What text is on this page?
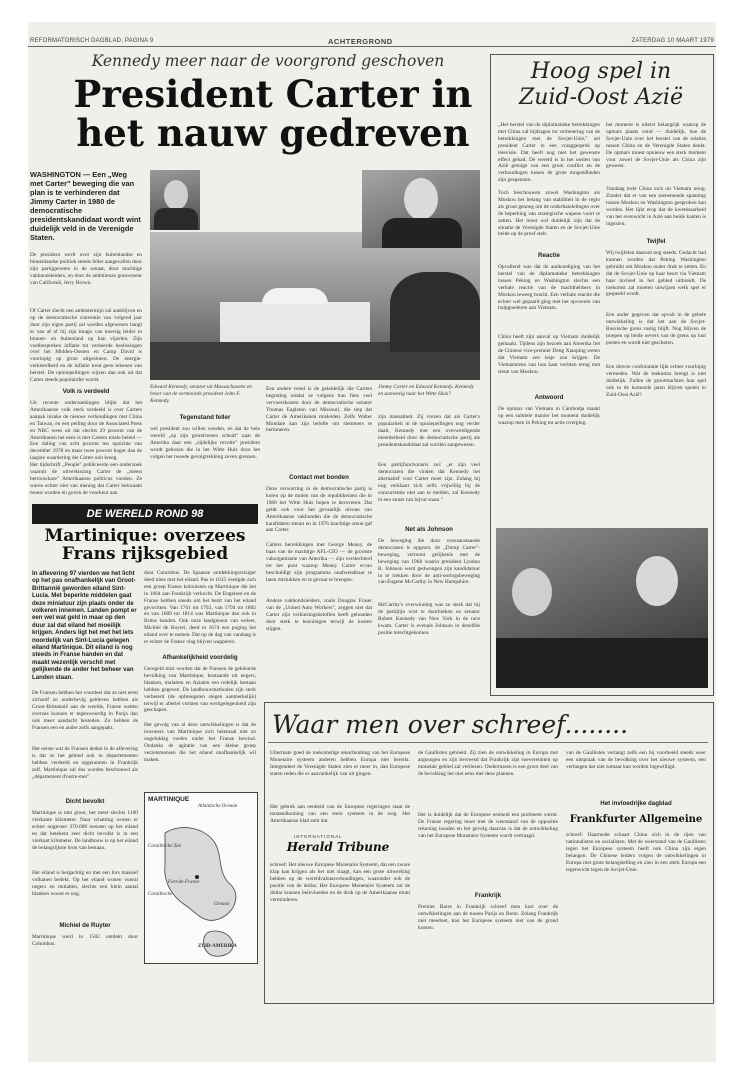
REFORMATORISCH DAGBLAD, PAGINA 9	ACHTERGROND	ZATERDAG 10 MAART 1979
Kennedy meer naar de voorgrond geschoven
President Carter in
het nauw gedreven
WASHINGTON — Een „Weg met Carter" beweging die van plan is te verhinderen dat Jimmy Carter in 1980 de democratische presidentskandidaat wordt wint duidelijk veld in de Verenigde Staten.
De president werft over zijn buitenlandse en binnenlandse politiek steeds feller aangevallen door zijn partijgenoten in de senaat, door machtige vakbondsleiders, en door de ambitieuze gouverneur van Californië, Jerry Brown.
Of Carter slecht een ambtstermijn zal aanblijven en op de democratische conventie van volgend jaar door zijn eigen partij zal worden afgewezen hangt er van af of hij zijn imago van koersig leider in binnen- en buitenland op kan vijzelen. Zijn voelbespreken inflatie tot verkeerde beslissingen over het Midden-Oosten en Camp David is voorlopig op grote uitgesloten. De energie-verkeerdheid en de inflatie treat geen tekenen van herstel. De opiniepeilingen wijzen dan ook uit dat Carter steeds populairder wordt.
Volk is verdeeld
Uit recente onderzoekingen blijkt dat het Amerikaanse volk sterk verdeeld is over Carters aanpak inzake de nieuwe verhoudingen met China en Taiwan, en een peiling door de Associated Press en NBC wees uit dat slechts 29 procent van de Amerikanen het eens is met Carters totale beleid — Een daling van acht procent ten opzichte van december 1978 en maar twee procent hoger dan de laagste waardering die Carter ooit kreeg.
Het tijdschrift „People" publiceerde een onderzoek waaruit de uitverkiezing Carter de „meest betrouwbare" Amerikaanse politicus vonden. Ze waren echter niet van mening dat Carter bekwaam moest worden en goven de voorkeur aan
Edward Kennedy, senator uit Massachusetts en broer van de vermoorde president John F. Kennedy.
Jimmy Carter en Edward Kennedy. Kennedy en aanwezig naar het Witte Huis?
Tegenstand feller
wel president zou willen worden, en dat de hele wereld „op zijn grondvesten schudt" naar de Amerika daar een „zijdelijke revolte" president wordt gekozen die in het Witte Huis door het volgen het tweede gevolgtrekking zeven grenzen.
Een andere trend is de geleidelijk die Carters begroting omdat ze volgens hun fiets veel vervoerskosten door de democratische senator Thomas Eagleton van Missouri, die riep dat Carter de Amerikanen misleiden. Zelfs Walter Mondale kan zijn belofte om stemmers te herinneren.
Contact met bonden
Deze verwarring in de democratische partij is koren op de molen van de republikeinen die in 1980 het Witte Huis hopen te heroveren. Dat geldt ook voor het gevaarlijk niveau van Amerikaanse vakbonden die de democratische kandidaten steunt en in 1976 krachtige steun gaf aan Carter.
Carters betrekkingen met George Meany, de baas van de machtige AFL-CIO — de grootste vakorganisatie van Amerika — zijn verslechterd tot het punt waarop Meany Carter ervan beschuldigt zijn programma onafwendbaar te laten mislukken en te gevaar te brengen.
Andere vakbondsleiders, zoals Douglas Fraser van de „United Auto Workers", zeggen niet dat Carter zijn verkiezingsbeloften heeft gehouden door sterk te bezuinigen terwijl de kosten stijgen.
zijn massaliteit. Zij vrezen dat als Carter's populariteit in de opiniepeilingen nog verder daalt, Kennedy met een overweldigende meerderheid door de democratische partij als presidentskandidaat zal worden aangewezen.
Een partijfunctionaris zei: „er zijn veel democraten die vinden dat Kennedy het alternatief voor Carter moet zijn. Zolang hij nog verklaart zich zelfs vrijwillig bij de concurrentie niet aan te melden, zal Kennedy in een straat van bijval staan."
Net als Johnson
De beweging die door vooraanstaande democraten is opgezet, de „Dump Carter"-beweging, vertoont gelijkenis met de beweging van 1968 waarin president Lyndon B. Johnson werd gedwongen zijn kandidatuur in te trekken door de anti-oorlogsbeweging van Eugene McCarthy in New Hampshire.
McCarthy's overwinning was zo sterk dat hij de partijlijn wist te doorbreken en senator Robert Kennedy van New York in de race kwam. Carter is evenals Johnson in dezelfde positie terechtgekomen.
Hoog spel in
Zuid-Oost Azië
„Het herstel van de diplomatieke betrekkingen met China zal bijdragen tot verbetering van de betrekkingen met de Sovjet-Unie," zei president Carter in een vraaggesprek op televisie. Dat heeft nog niet het gewenste effect gehad. De wereld is in het oosten van Azië getuige van een groot conflict en de verhoudingen tussen de grote mogendheden zijn gespannen.
Toch beschouwen zowel Washington als Moskou het belang van stabiliteit in de regio als groot genoeg om de onderhandelingen over de beperking van strategische wapens voort te zetten. Het moet wel duidelijk zijn dat de situatie de Verenigde Staten en de Sovjet-Unie beide op de proef stelt.
Reactie
Opvallend was dat de aankondiging van het herstel van de diplomatieke betrekkingen tussen Peking en Washington slechts een verbale reactie van de machthebbers in Moskou teweeg bracht. Een verbale reactie die echter wel gepaard ging met het opvoeren van hulpgoederen aan Vietnam.
China heeft zijn aanval op Vietnam duidelijk gemaakt. Tijdens zijn bezoek aan Amerika liet de Chinese vice-premier Deng Xiaoping weten dat Vietnam een lesje zou krijgen. De Vietnamezen van hun kant vechten terug met steun van Moskou.
Antwoord
De opmars van Vietnam in Cambodja maakt op een subtiele manier het moment duidelijk waarop men in Peking tot actie overging.
het moment is uiterst belangrijk waarop de opmars plaats vond — duidelijk, hoe de Sovjet-Unie over het herstel van de relaties tussen China en de Verenigde Staten denkt. De opmars moest opnieuw een sterk moment voor zowel de Sovjet-Unie als China zijn geweest.
Vandaag trekt China zich uit Vietnam terug. Zonder dat er van een toenemende spanning tussen Moskou en Washington gesproken kan worden. Het lijkt erop dat de kwetsbaarheid van het evenwicht in Azië aan beide kanten is ingezien.
Twijfel
Wij twijfelen daarom nog steeds. Gedacht had kunnen worden dat Peking Washington gebruikt om Moskou onder druk te zetten. En dat de Sovjet-Unie op haar beurt via Vietnam haar invloed in het gebied uitbreidt. De toekomst zal moeten uitwijzen welk spel er gespeeld wordt.
Een ander gegeven dat opvalt in de gehele ontwikkeling is dat het aan de Sovjet-Russische grens rustig blijft. Nog blijven de troepen op beide oevers van de grens op hun posten en wordt niet geschoten.
Een directe confrontatie lijkt echter voorlopig vermeden. Wat de toekomst brengt is niet duidelijk. Zullen de grootmachten hun spel ook in de komende jaren blijven spelen in Zuid-Oost Azië?
DE WERELD ROND 98
Martinique: overzees
Frans rijksgebied
In aflevering 97 vierden we het licht op het pas onafhankelijk van Groot-Brittannië geworden eiland Sint-Lucia. Met beperkte middelen gaat deze miniatuur zijn plaats onder de volkeren innemen. Landen pompt er een wel wat geld in maar op den duur zal dat eiland het moeilijk krijgen. Anders ligt het met het iets noordelijk van Sint-Lucia gelegen eiland Martinique. Dit eiland is nog steeds in Franse handen en dat maakt wezenlijk verschil met gelijkende de ander het beheer van Landen staan.
De Fransen hebben het voordeel dat ze niet eerst zichzelf zo onderhevig gebleven hebben als Groot-Brittannië aan de weelde, Franse wetten overzee kunnen er tegenwoordig in Parijs dan ook meer aandacht besteden. Zo hebben de Fransen een en ander zelfs aangepakt.
Het eerste wat de Fransen deden in de aflevering is dat ze het gebied ook in departementen hebben verdeeld en opgenomen in Frankrijk zelf. Martinique zal dus worden beschouwd als „département d'outre-mer".
Dicht bevolkt
Martinique is niet groot, het meet slechts 1100 vierkante kilometer. Naar schatting wonen er echter ongeveer 370.000 mensen op het eiland en dat betekent zeer dicht bevolkt is in een vierkant kilometer. De landbouw is op het eiland de belangrijkste bron van bestaan.
Het eiland is bergachtig en met een fors massief vulkanen bedekt. Op het eiland wonen vooral negers en mulatten, slechts een klein aantal blanken woont er nog.
Michiel de Ruyter
Martinique werd in 1502 ontdekt door Columbus.
door Columbus. De Spaanse ontdekkingsreiziger deed niets met het eiland. Pas in 1635 vestigde zich een groep Franse kolonisten op Martinique die het in 1664 aan Frankrijk verkocht. De Engelsen en de Franse hebben steeds om het bezit van het eiland gevochten. Van 1761 tot 1763, van 1794 tot 1802 en van 1809 tot 1814 was Martinique dan ook in Britse handen. Ook onze landgenoot van weleer, Michiel de Ruyter, deed in 1674 een poging het eiland over te nemen. Dat op de dag van vandaag is er echter de Franse vlag blijven wapperen.
Afhankelijkheid voordelig
Geregeld mist worden dat de Fransen de gekleurde bevolking van Martinique, bestaande uit negers, blanken, mulatten en Aziaten een redelijk bestaan hebben gegeven. De landbouwmethoden zijn sterk verbeterd (de opbrengsten stegen aanmerkelijk) terwijl er allerlei vormen van werkgelegenheid zijn geschapen.
Het gevolg van al deze ontwikkelingen is dat de inwoners van Martinique zich helemaal niet zo ongelukkig voelen onder het Franse bewind. Ondanks de agitatie van een kleine groep verzetsmensen die het eiland onafhankelijk wil maken.
MARTINIQUE
Atlantische Oceaan
Caraïbische
Oceaan
Caraïbische Zee
Fort-de-France
ZUID-AMERIKA
Waar men over schreef........
Uitermate goed de toekomstige tekortkoming van het Europese Monetaire systeem anderen hebben Europa niet bereikt. Integendeel de Verenigde Staten zien er meer in, dan Europese staten reden die er aanvankelijk van uit gingen.
Het gebrek aan eenheid van de Europese regeringen staat de totstandkoming van een sterk systeem in de weg. Het Amerikaanse blad stelt dat.
INTERNATIONAL
Herald Tribune
schreef: Het nieuwe Europese Monetaire Systeem, dat een zware klap kan krijgen als het niet slaagt, kan een grote uitwerking hebben op de wereldvalutaverhoudingen, waaronder ook de positie van de dollar. Het Europese Monetaire Systeem zal de dollar kunnen beïnvloeden en de druk op de Amerikaanse munt verminderen.
de Gaullisten geboeid. Zij zien de ontwikkeling in Europa met argusogen en zijn bevreesd dat Frankrijk zijn soevereiniteit op monetair gebied zal verliezen. Ondertussen is een groot deel van de bevolking het niet eens met deze plannen.
Het is duidelijk dat de Europese eenheid een probleem vormt. De Franse regering moet met de weerstand van de oppositie rekening houden en het gevolg daarvan is dat de ontwikkeling van het Europese Monetaire Systeem wordt vertraagd.
Frankrijk
Premier Barre in Frankrijk schreef men kort over de ontwikkelingen aan de tussen Parijs en Bonn. Zolang Frankrijk niet meedoet, kan het Europese systeem niet van de grond komen.
van de Gaullisten verlangt zelfs een bij voorbeeld steeds weer een uitspraak van de bevolking over het nieuwe systeem, een verlangen dat niet zomaar kan worden ingewilligd.
Het invloedrijke dagblad
Frankfurter Allgemeine
schreef: Daarmede schaart China zich in de rijen van nationalisten en socialisten. Met de weerstand van de Gaullisten tegen het Europese systeem heeft ook China zijn eigen belangen. De Chinese leiders volgen de ontwikkelingen in Europa met grote belangstelling en zien in een sterk Europa een tegenwicht tegen de Sovjet-Unie.
